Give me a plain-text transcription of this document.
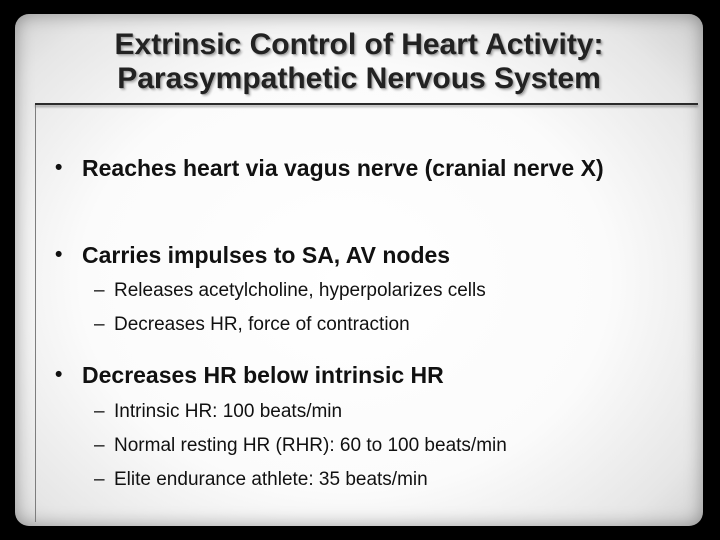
Extrinsic Control of Heart Activity:
Parasympathetic Nervous System
• Reaches heart via vagus nerve (cranial nerve X)
• Carries impulses to SA, AV nodes
– Releases acetylcholine, hyperpolarizes cells
– Decreases HR, force of contraction
• Decreases HR below intrinsic HR
– Intrinsic HR: 100 beats/min
– Normal resting HR (RHR): 60 to 100 beats/min
– Elite endurance athlete: 35 beats/min
